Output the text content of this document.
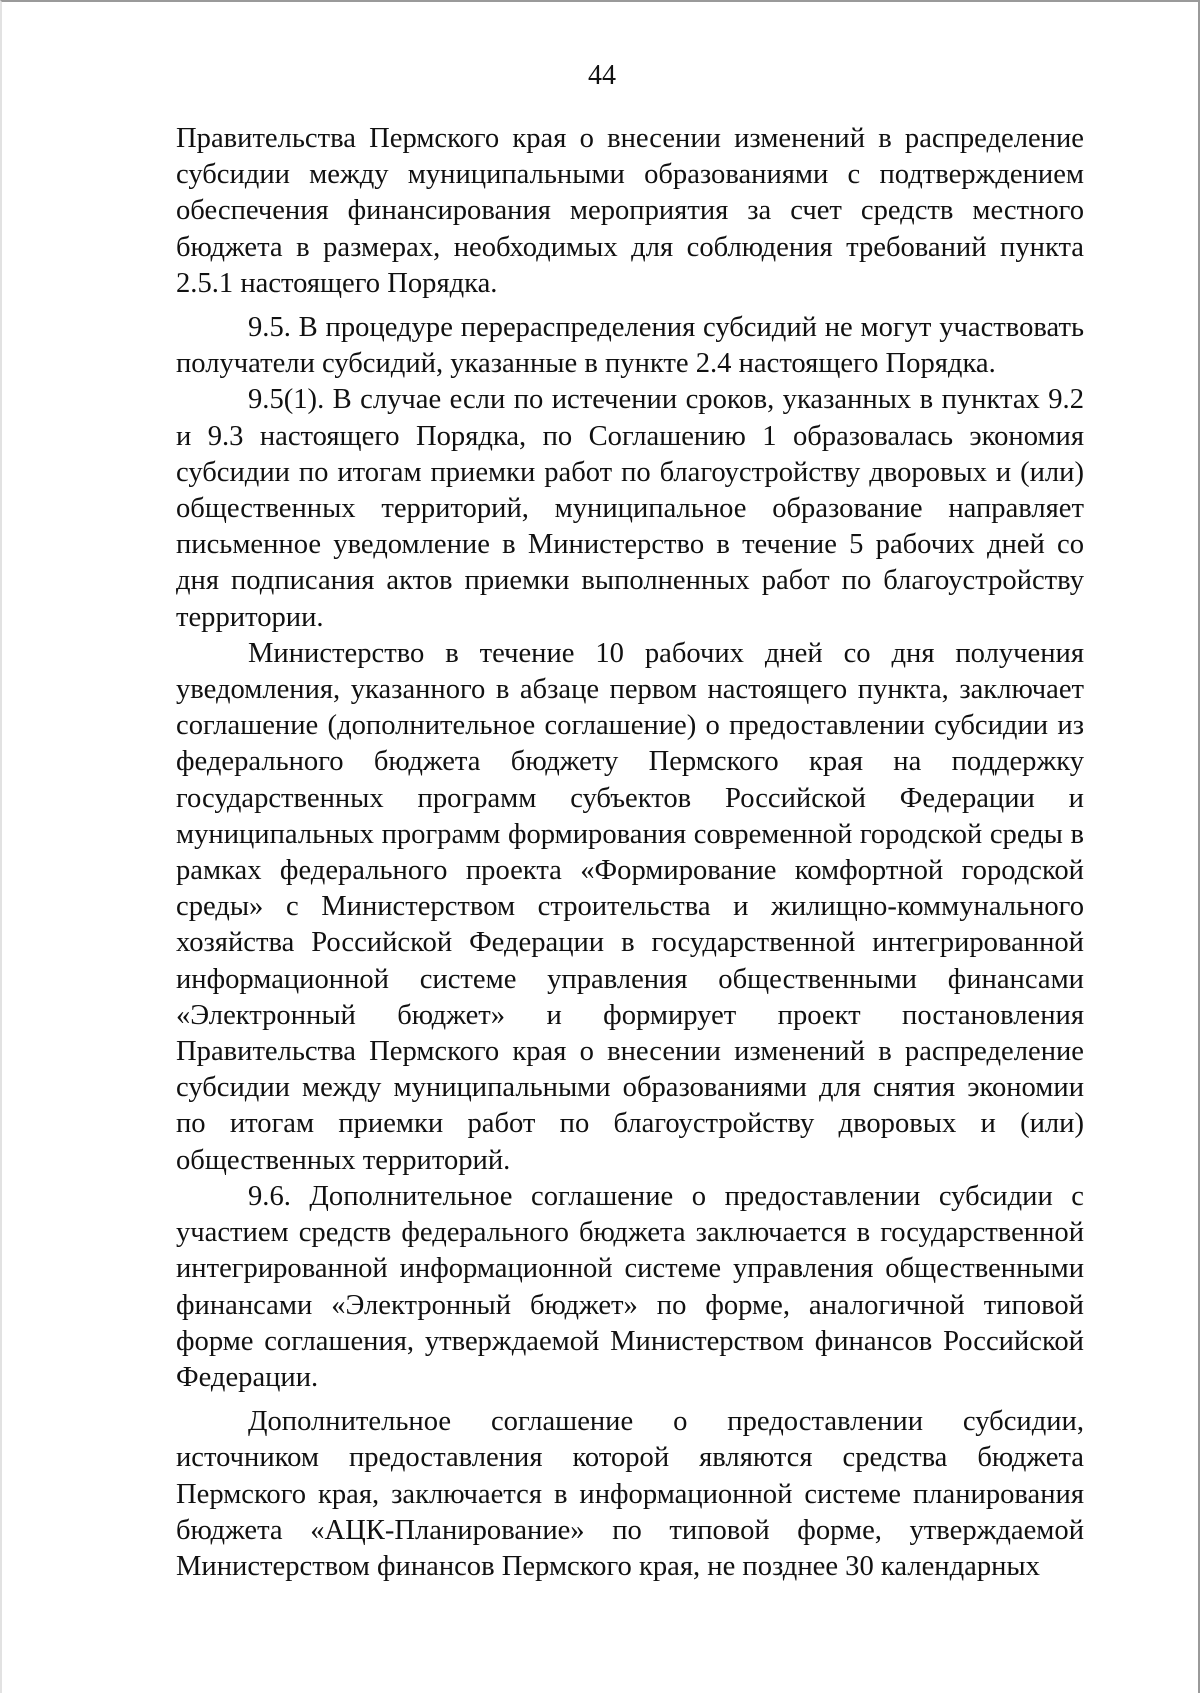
44

Правительства Пермского края о внесении изменений в распределение субсидии между муниципальными образованиями с подтверждением обеспечения финансирования мероприятия за счет средств местного бюджета в размерах, необходимых для соблюдения требований пункта 2.5.1 настоящего Порядка.

9.5. В процедуре перераспределения субсидий не могут участвовать получатели субсидий, указанные в пункте 2.4 настоящего Порядка.

9.5(1). В случае если по истечении сроков, указанных в пунктах 9.2 и 9.3 настоящего Порядка, по Соглашению 1 образовалась экономия субсидии по итогам приемки работ по благоустройству дворовых и (или) общественных территорий, муниципальное образование направляет письменное уведомление в Министерство в течение 5 рабочих дней со дня подписания актов приемки выполненных работ по благоустройству территории.

Министерство в течение 10 рабочих дней со дня получения уведомления, указанного в абзаце первом настоящего пункта, заключает соглашение (дополнительное соглашение) о предоставлении субсидии из федерального бюджета бюджету Пермского края на поддержку государственных программ субъектов Российской Федерации и муниципальных программ формирования современной городской среды в рамках федерального проекта «Формирование комфортной городской среды» с Министерством строительства и жилищно-коммунального хозяйства Российской Федерации в государственной интегрированной информационной системе управления общественными финансами «Электронный бюджет» и формирует проект постановления Правительства Пермского края о внесении изменений в распределение субсидии между муниципальными образованиями для снятия экономии по итогам приемки работ по благоустройству дворовых и (или) общественных территорий.

9.6. Дополнительное соглашение о предоставлении субсидии с участием средств федерального бюджета заключается в государственной интегрированной информационной системе управления общественными финансами «Электронный бюджет» по форме, аналогичной типовой форме соглашения, утверждаемой Министерством финансов Российской Федерации.

Дополнительное соглашение о предоставлении субсидии, источником предоставления которой являются средства бюджета Пермского края, заключается в информационной системе планирования бюджета «АЦК-Планирование» по типовой форме, утверждаемой Министерством финансов Пермского края, не позднее 30 календарных
